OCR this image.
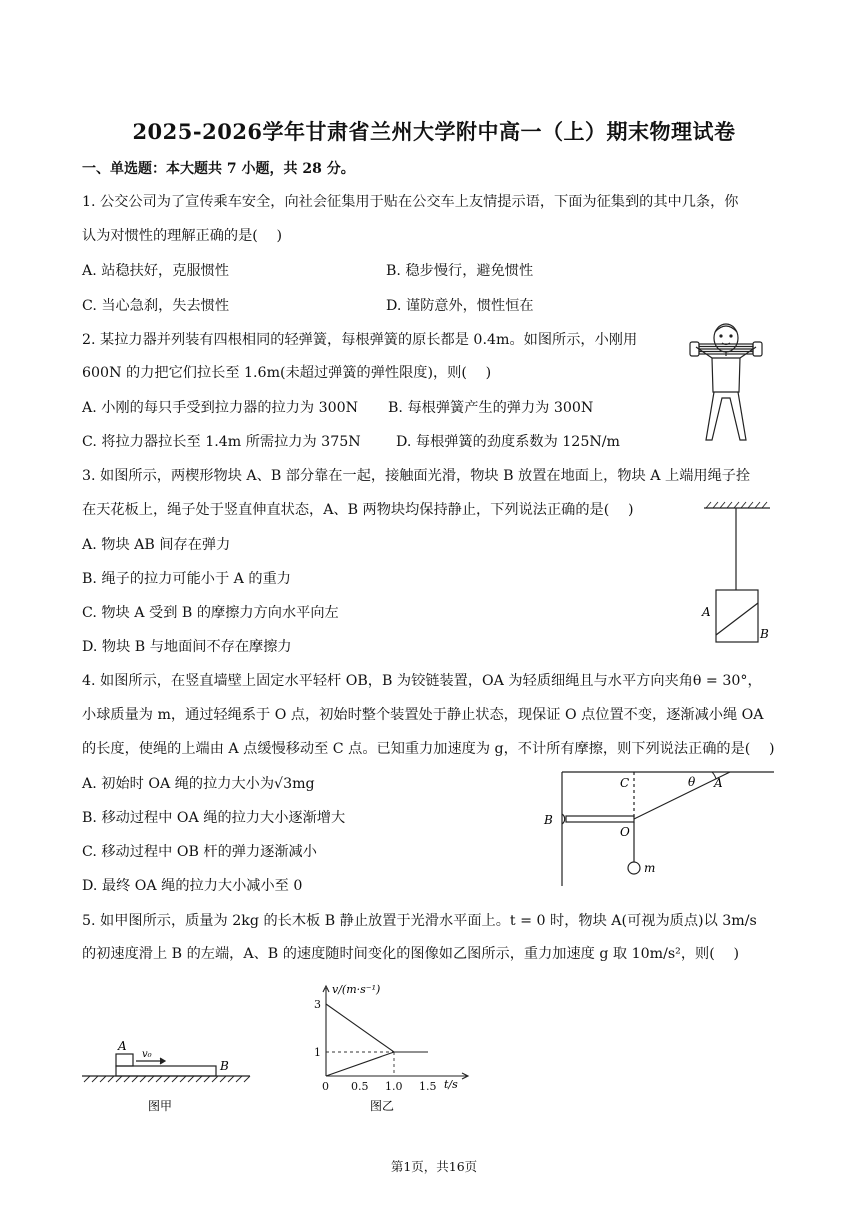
2025-2026学年甘肃省兰州大学附中高一（上）期末物理试卷
一、单选题：本大题共 7 小题，共 28 分。
1. 公交公司为了宣传乘车安全，向社会征集用于贴在公交车上友情提示语，下面为征集到的其中几条，你
认为对惯性的理解正确的是(　 )
A. 站稳扶好，克服惯性	B. 稳步慢行，避免惯性
C. 当心急刹，失去惯性	D. 谨防意外，惯性恒在
2. 某拉力器并列装有四根相同的轻弹簧，每根弹簧的原长都是 0.4m。如图所示，小刚用
600N 的力把它们拉长至 1.6m(未超过弹簧的弹性限度)，则(　 )
A. 小刚的每只手受到拉力器的拉力为 300N B. 每根弹簧产生的弹力为 300N
C. 将拉力器拉长至 1.4m 所需拉力为 375N D. 每根弹簧的劲度系数为 125N/m
3. 如图所示，两楔形物块 A、B 部分靠在一起，接触面光滑，物块 B 放置在地面上，物块 A 上端用绳子拴
在天花板上，绳子处于竖直伸直状态，A、B 两物块均保持静止，下列说法正确的是(　 )
A. 物块 AB 间存在弹力
B. 绳子的拉力可能小于 A 的重力
C. 物块 A 受到 B 的摩擦力方向水平向左
D. 物块 B 与地面间不存在摩擦力
A
B
4. 如图所示，在竖直墙壁上固定水平轻杆 OB，B 为铰链装置，OA 为轻质细绳且与水平方向夹角θ = 30°，
小球质量为 m，通过轻绳系于 O 点，初始时整个装置处于静止状态，现保证 O 点位置不变，逐渐减小绳 OA
的长度，使绳的上端由 A 点缓慢移动至 C 点。已知重力加速度为 g，不计所有摩擦，则下列说法正确的是(　 )
A. 初始时 OA 绳的拉力大小为√3mg
B. 移动过程中 OA 绳的拉力大小逐渐增大
C. 移动过程中 OB 杆的弹力逐渐减小
D. 最终 OA 绳的拉力大小减小至 0
C	θ A
B
O
m
5. 如甲图所示，质量为 2kg 的长木板 B 静止放置于光滑水平面上。t = 0 时，物块 A(可视为质点)以 3m/s
的初速度滑上 B 的左端，A、B 的速度随时间变化的图像如乙图所示，重力加速度 g 取 10m/s²，则(　 )
A
v₀
B
图甲
3
1
0 0.5 1.0 1.5
v/(m·s⁻¹)
t/s
图乙
第1页，共16页
